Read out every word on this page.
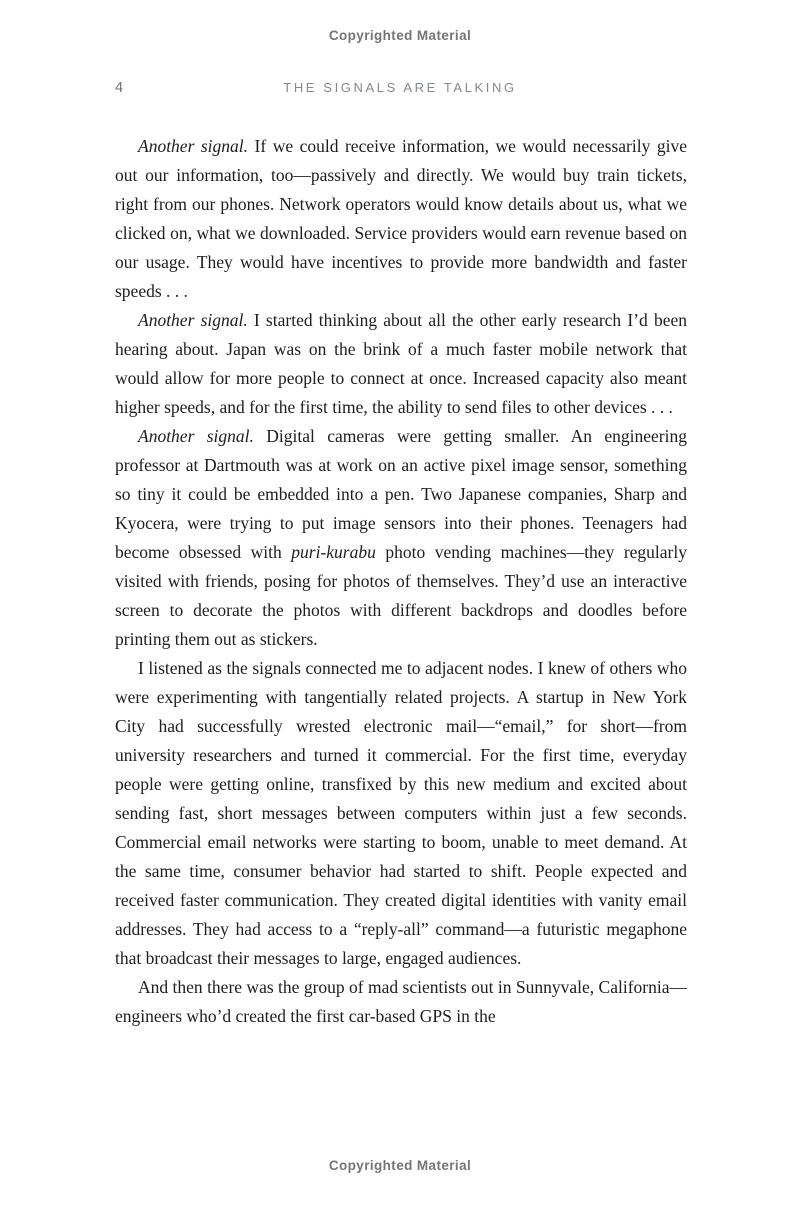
Copyrighted Material
4	THE SIGNALS ARE TALKING

Another signal. If we could receive information, we would necessarily give out our information, too—passively and directly. We would buy train tickets, right from our phones. Network operators would know details about us, what we clicked on, what we downloaded. Service providers would earn revenue based on our usage. They would have incentives to provide more bandwidth and faster speeds . . .

Another signal. I started thinking about all the other early research I’d been hearing about. Japan was on the brink of a much faster mobile network that would allow for more people to connect at once. Increased capacity also meant higher speeds, and for the first time, the ability to send files to other devices . . .

Another signal. Digital cameras were getting smaller. An engineering professor at Dartmouth was at work on an active pixel image sensor, something so tiny it could be embedded into a pen. Two Japanese companies, Sharp and Kyocera, were trying to put image sensors into their phones. Teenagers had become obsessed with puri-kurabu photo vending machines—they regularly visited with friends, posing for photos of themselves. They’d use an interactive screen to decorate the photos with different backdrops and doodles before printing them out as stickers.

I listened as the signals connected me to adjacent nodes. I knew of others who were experimenting with tangentially related projects. A startup in New York City had successfully wrested electronic mail—“email,” for short—from university researchers and turned it commercial. For the first time, everyday people were getting online, transfixed by this new medium and excited about sending fast, short messages between computers within just a few seconds. Commercial email networks were starting to boom, unable to meet demand. At the same time, consumer behavior had started to shift. People expected and received faster communication. They created digital identities with vanity email addresses. They had access to a “reply-all” command—a futuristic megaphone that broadcast their messages to large, engaged audiences.

And then there was the group of mad scientists out in Sunnyvale, California—engineers who’d created the first car-based GPS in the

Copyrighted Material
